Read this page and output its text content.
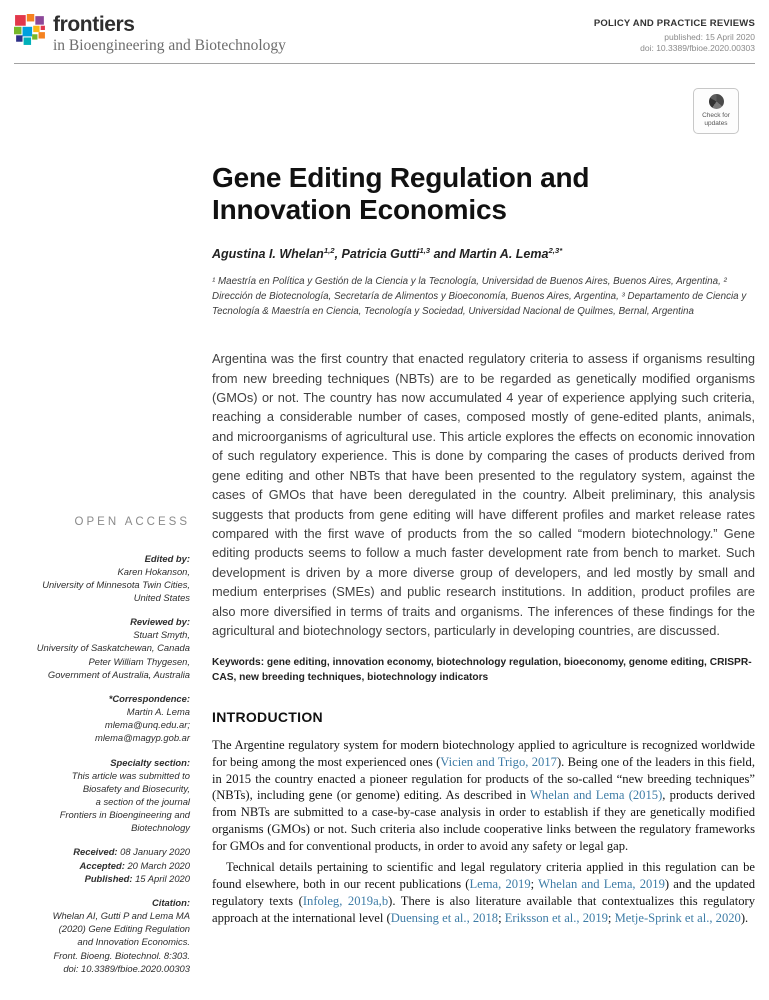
frontiers
in Bioengineering and Biotechnology
POLICY AND PRACTICE REVIEWS
published: 15 April 2020
doi: 10.3389/fbioe.2020.00303
Check for
updates
OPEN ACCESS
Edited by:
Karen Hokanson,
University of Minnesota Twin Cities,
United States
Reviewed by:
Stuart Smyth,
University of Saskatchewan, Canada
Peter William Thygesen,
Government of Australia, Australia
*Correspondence:
Martin A. Lema
mlema@unq.edu.ar;
mlema@magyp.gob.ar
Specialty section:
This article was submitted to
Biosafety and Biosecurity,
a section of the journal
Frontiers in Bioengineering and
Biotechnology
Received: 08 January 2020
Accepted: 20 March 2020
Published: 15 April 2020
Citation:
Whelan AI, Gutti P and Lema MA
(2020) Gene Editing Regulation
and Innovation Economics.
Front. Bioeng. Biotechnol. 8:303.
doi: 10.3389/fbioe.2020.00303
Gene Editing Regulation and Innovation Economics
Agustina I. Whelan$^{1,2}$, Patricia Gutti$^{1,3}$ and Martin A. Lema$^{2,3*}$
¹ Maestría en Política y Gestión de la Ciencia y la Tecnología, Universidad de Buenos Aires, Buenos Aires, Argentina, ² Dirección de Biotecnología, Secretaría de Alimentos y Bioeconomía, Buenos Aires, Argentina, ³ Departamento de Ciencia y Tecnología & Maestría en Ciencia, Tecnología y Sociedad, Universidad Nacional de Quilmes, Bernal, Argentina

Argentina was the first country that enacted regulatory criteria to assess if organisms resulting from new breeding techniques (NBTs) are to be regarded as genetically modified organisms (GMOs) or not. The country has now accumulated 4 year of experience applying such criteria, reaching a considerable number of cases, composed mostly of gene-edited plants, animals, and microorganisms of agricultural use. This article explores the effects on economic innovation of such regulatory experience. This is done by comparing the cases of products derived from gene editing and other NBTs that have been presented to the regulatory system, against the cases of GMOs that have been deregulated in the country. Albeit preliminary, this analysis suggests that products from gene editing will have different profiles and market release rates compared with the first wave of products from the so called “modern biotechnology.” Gene editing products seems to follow a much faster development rate from bench to market. Such development is driven by a more diverse group of developers, and led mostly by small and medium enterprises (SMEs) and public research institutions. In addition, product profiles are also more diversified in terms of traits and organisms. The inferences of these findings for the agricultural and biotechnology sectors, particularly in developing countries, are discussed.

Keywords: gene editing, innovation economy, biotechnology regulation, bioeconomy, genome editing, CRISPR-CAS, new breeding techniques, biotechnology indicators

INTRODUCTION

The Argentine regulatory system for modern biotechnology applied to agriculture is recognized worldwide for being among the most experienced ones (Vicien and Trigo, 2017). Being one of the leaders in this field, in 2015 the country enacted a pioneer regulation for products of the so-called “new breeding techniques” (NBTs), including gene (or genome) editing. As described in Whelan and Lema (2015), products derived from NBTs are submitted to a case-by-case analysis in order to establish if they are genetically modified organisms (GMOs) or not. Such criteria also include cooperative links between the regulatory frameworks for GMOs and for conventional products, in order to avoid any safety or legal gap.

Technical details pertaining to scientific and legal regulatory criteria applied in this regulation can be found elsewhere, both in our recent publications (Lema, 2019; Whelan and Lema, 2019) and the updated regulatory texts (Infoleg, 2019a,b). There is also literature available that contextualizes this regulatory approach at the international level (Duensing et al., 2018; Eriksson et al., 2019; Metje-Sprink et al., 2020).
